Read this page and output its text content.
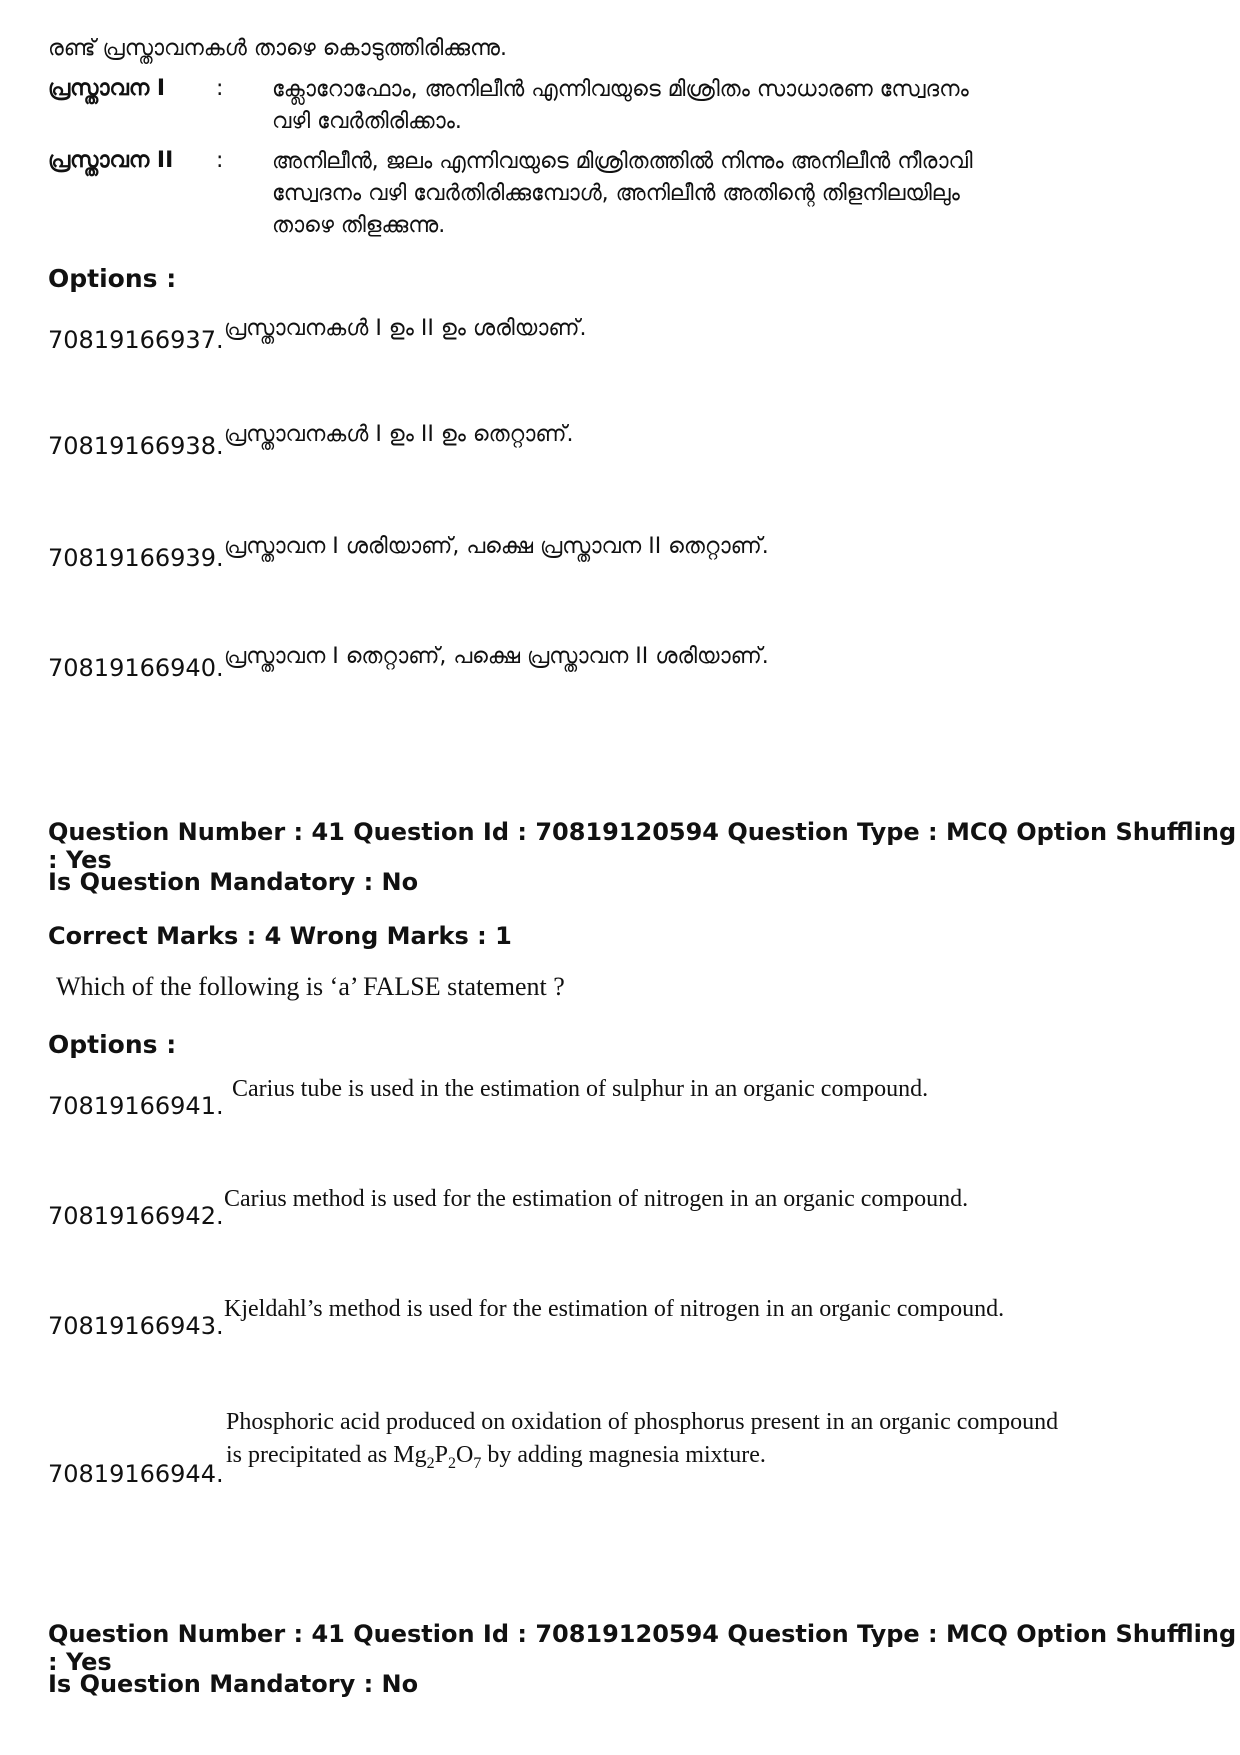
രണ്ട് പ്രസ്താവനകൾ താഴെ കൊടുത്തിരിക്കുന്നു.
പ്രസ്താവന I : ക്ലോറോഫോം, അനിലീൻ എന്നിവയുടെ മിശ്രിതം സാധാരണ സ്വേദനം വഴി വേർതിരിക്കാം.
പ്രസ്താവന II : അനിലീൻ, ജലം എന്നിവയുടെ മിശ്രിതത്തിൽ നിന്നും അനിലീൻ നീരാവി സ്വേദനം വഴി വേർതിരിക്കുമ്പോൾ, അനിലീൻ അതിന്റെ തിളനിലയിലും താഴെ തിളക്കുന്നു.
Options :
70819166937. പ്രസ്താവനകൾ I ഉം II ഉം ശരിയാണ്.
70819166938. പ്രസ്താവനകൾ I ഉം II ഉം തെറ്റാണ്.
70819166939. പ്രസ്താവന I ശരിയാണ്, പക്ഷെ പ്രസ്താവന II തെറ്റാണ്.
70819166940. പ്രസ്താവന I തെറ്റാണ്, പക്ഷെ പ്രസ്താവന II ശരിയാണ്.
Question Number : 41 Question Id : 70819120594 Question Type : MCQ Option Shuffling : Yes
Is Question Mandatory : No
Correct Marks : 4 Wrong Marks : 1
Which of the following is ‘a’ FALSE statement ?
Options :
70819166941.
Carius tube is used in the estimation of sulphur in an organic compound.
70819166942.
Carius method is used for the estimation of nitrogen in an organic compound.
70819166943.
Kjeldahl’s method is used for the estimation of nitrogen in an organic compound.
70819166944.
Phosphoric acid produced on oxidation of phosphorus present in an organic compound
is precipitated as $Mg_2P_2O_7$ by adding magnesia mixture.
Question Number : 41 Question Id : 70819120594 Question Type : MCQ Option Shuffling : Yes
Is Question Mandatory : No
